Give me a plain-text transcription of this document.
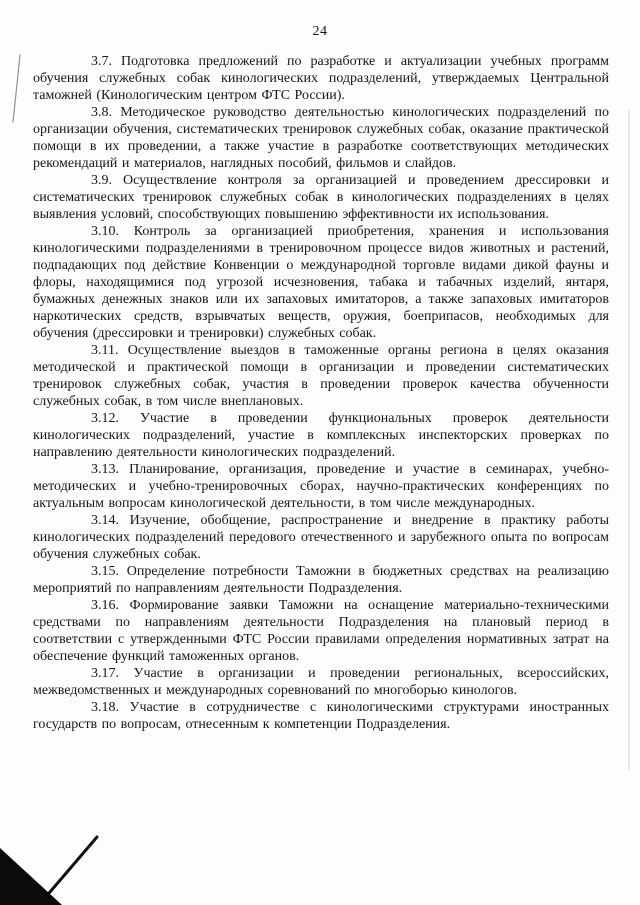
24

3.7. Подготовка предложений по разработке и актуализации учебных программ обучения служебных собак кинологических подразделений, утверждаемых Центральной таможней (Кинологическим центром ФТС России).

3.8. Методическое руководство деятельностью кинологических подразделений по организации обучения, систематических тренировок служебных собак, оказание практической помощи в их проведении, а также участие в разработке соответствующих методических рекомендаций и материалов, наглядных пособий, фильмов и слайдов.

3.9. Осуществление контроля за организацией и проведением дрессировки и систематических тренировок служебных собак в кинологических подразделениях в целях выявления условий, способствующих повышению эффективности их использования.

3.10. Контроль за организацией приобретения, хранения и использования кинологическими подразделениями в тренировочном процессе видов животных и растений, подпадающих под действие Конвенции о международной торговле видами дикой фауны и флоры, находящимися под угрозой исчезновения, табака и табачных изделий, янтаря, бумажных денежных знаков или их запаховых имитаторов, а также запаховых имитаторов наркотических средств, взрывчатых веществ, оружия, боеприпасов, необходимых для обучения (дрессировки и тренировки) служебных собак.

3.11. Осуществление выездов в таможенные органы региона в целях оказания методической и практической помощи в организации и проведении систематических тренировок служебных собак, участия в проведении проверок качества обученности служебных собак, в том числе внеплановых.

3.12. Участие в проведении функциональных проверок деятельности кинологических подразделений, участие в комплексных инспекторских проверках по направлению деятельности кинологических подразделений.

3.13. Планирование, организация, проведение и участие в семинарах, учебно-методических и учебно-тренировочных сборах, научно-практических конференциях по актуальным вопросам кинологической деятельности, в том числе международных.

3.14. Изучение, обобщение, распространение и внедрение в практику работы кинологических подразделений передового отечественного и зарубежного опыта по вопросам обучения служебных собак.

3.15. Определение потребности Таможни в бюджетных средствах на реализацию мероприятий по направлениям деятельности Подразделения.

3.16. Формирование заявки Таможни на оснащение материально-техническими средствами по направлениям деятельности Подразделения на плановый период в соответствии с утвержденными ФТС России правилами определения нормативных затрат на обеспечение функций таможенных органов.

3.17. Участие в организации и проведении региональных, всероссийских, межведомственных и международных соревнований по многоборью кинологов.

3.18. Участие в сотрудничестве с кинологическими структурами иностранных государств по вопросам, отнесенным к компетенции Подразделения.
